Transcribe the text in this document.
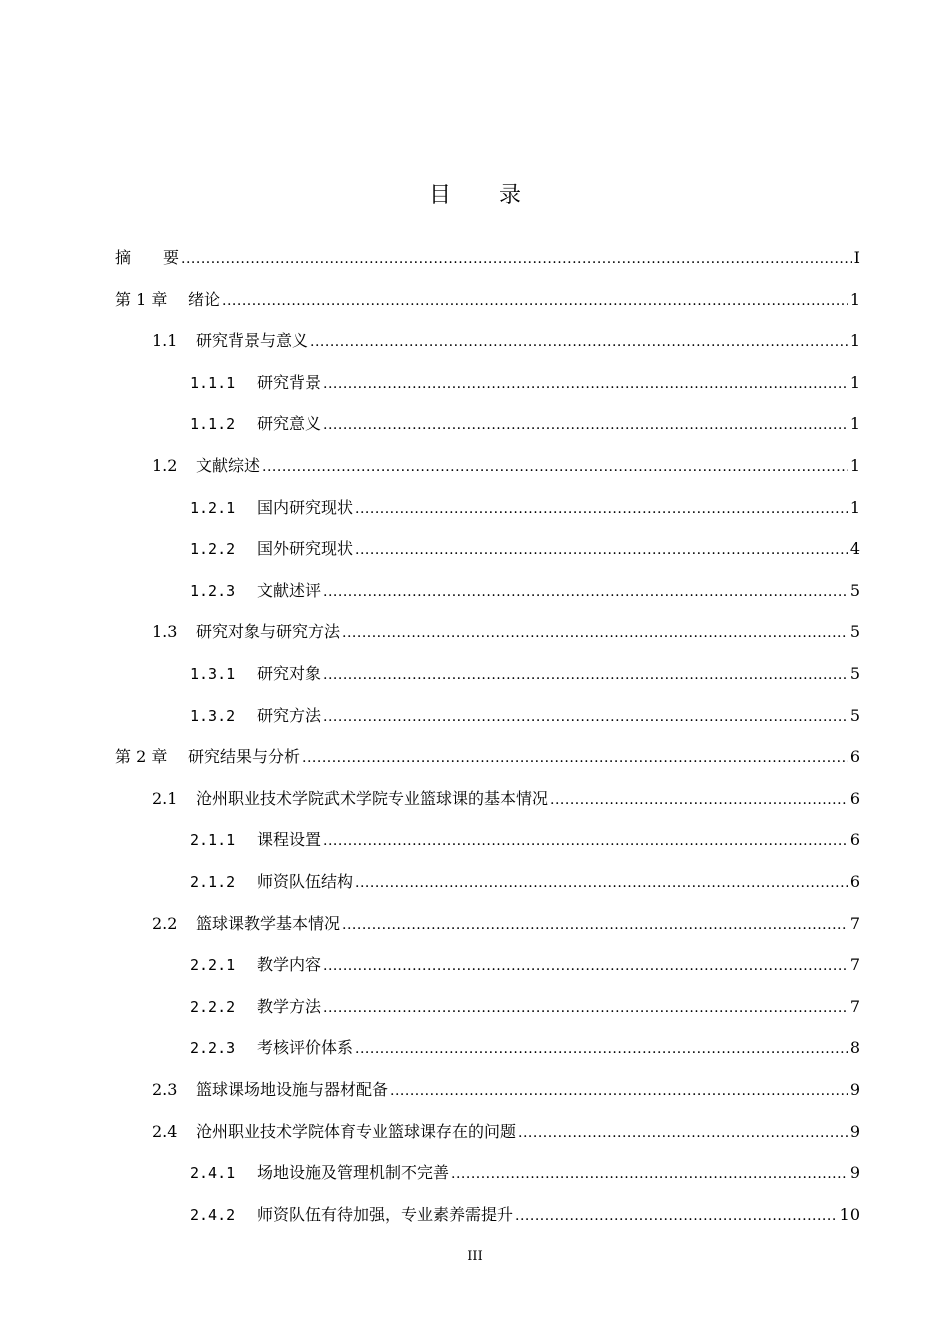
目 录
摘　　要 .....	I
第 1 章	绪论 .....	1
1.1	研究背景与意义 .....	1
1.1.1	研究背景 .....	1
1.1.2	研究意义 .....	1
1.2	文献综述 .....	1
1.2.1	国内研究现状 .....	1
1.2.2	国外研究现状 .....	4
1.2.3	文献述评 .....	5
1.3	研究对象与研究方法 .....	5
1.3.1	研究对象 .....	5
1.3.2	研究方法 .....	5
第 2 章	研究结果与分析 .....	6
2.1	沧州职业技术学院武术学院专业篮球课的基本情况 .....	6
2.1.1	课程设置 .....	6
2.1.2	师资队伍结构 .....	6
2.2	篮球课教学基本情况 .....	7
2.2.1	教学内容 .....	7
2.2.2	教学方法 .....	7
2.2.3	考核评价体系 .....	8
2.3	篮球课场地设施与器材配备 .....	9
2.4	沧州职业技术学院体育专业篮球课存在的问题 .....	9
2.4.1	场地设施及管理机制不完善 .....	9
2.4.2	师资队伍有待加强，专业素养需提升 .....	10
III
